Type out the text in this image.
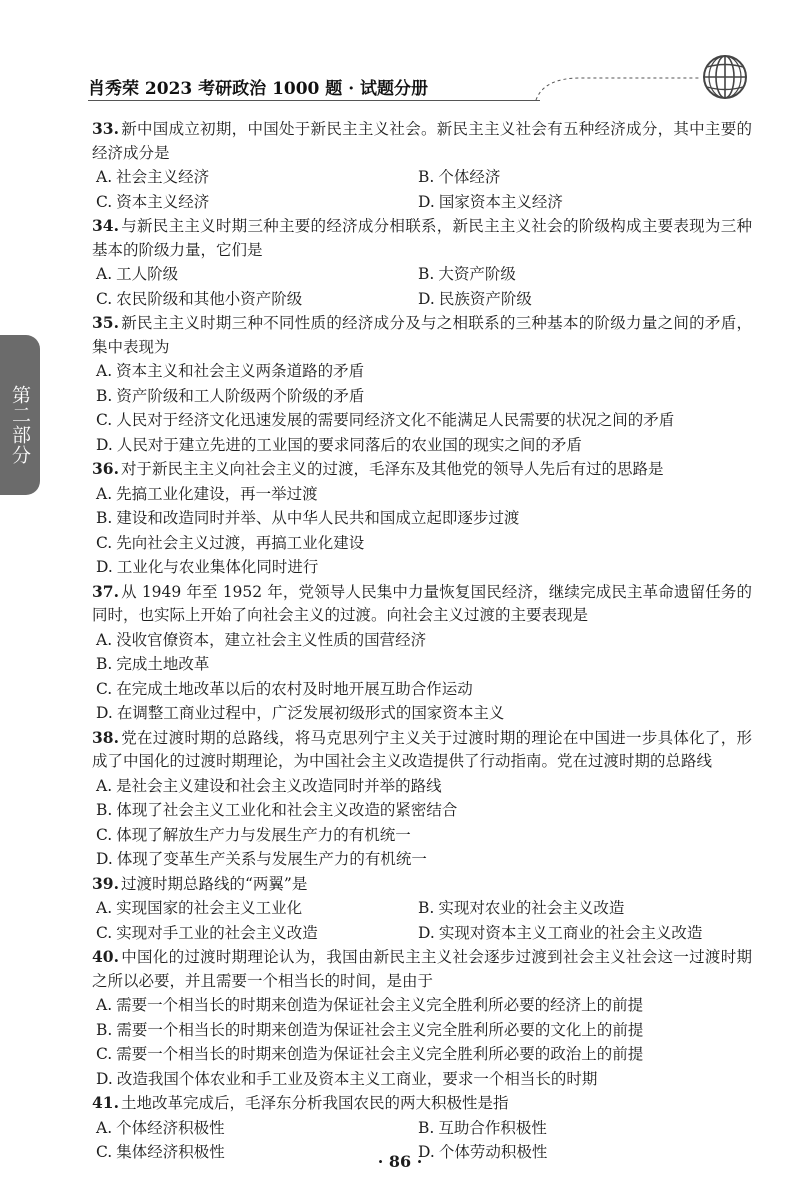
肖秀荣 2023 考研政治 1000 题 · 试题分册
第二部分
33. 新中国成立初期，中国处于新民主主义社会。新民主主义社会有五种经济成分，其中主要的经济成分是
A. 社会主义经济	B. 个体经济
C. 资本主义经济	D. 国家资本主义经济
34. 与新民主主义时期三种主要的经济成分相联系，新民主主义社会的阶级构成主要表现为三种基本的阶级力量，它们是
A. 工人阶级	B. 大资产阶级
C. 农民阶级和其他小资产阶级	D. 民族资产阶级
35. 新民主主义时期三种不同性质的经济成分及与之相联系的三种基本的阶级力量之间的矛盾，集中表现为
A. 资本主义和社会主义两条道路的矛盾
B. 资产阶级和工人阶级两个阶级的矛盾
C. 人民对于经济文化迅速发展的需要同经济文化不能满足人民需要的状况之间的矛盾
D. 人民对于建立先进的工业国的要求同落后的农业国的现实之间的矛盾
36. 对于新民主主义向社会主义的过渡，毛泽东及其他党的领导人先后有过的思路是
A. 先搞工业化建设，再一举过渡
B. 建设和改造同时并举、从中华人民共和国成立起即逐步过渡
C. 先向社会主义过渡，再搞工业化建设
D. 工业化与农业集体化同时进行
37. 从 1949 年至 1952 年，党领导人民集中力量恢复国民经济，继续完成民主革命遗留任务的同时，也实际上开始了向社会主义的过渡。向社会主义过渡的主要表现是
A. 没收官僚资本，建立社会主义性质的国营经济
B. 完成土地改革
C. 在完成土地改革以后的农村及时地开展互助合作运动
D. 在调整工商业过程中，广泛发展初级形式的国家资本主义
38. 党在过渡时期的总路线，将马克思列宁主义关于过渡时期的理论在中国进一步具体化了，形成了中国化的过渡时期理论，为中国社会主义改造提供了行动指南。党在过渡时期的总路线
A. 是社会主义建设和社会主义改造同时并举的路线
B. 体现了社会主义工业化和社会主义改造的紧密结合
C. 体现了解放生产力与发展生产力的有机统一
D. 体现了变革生产关系与发展生产力的有机统一
39. 过渡时期总路线的“两翼”是
A. 实现国家的社会主义工业化	B. 实现对农业的社会主义改造
C. 实现对手工业的社会主义改造	D. 实现对资本主义工商业的社会主义改造
40. 中国化的过渡时期理论认为，我国由新民主主义社会逐步过渡到社会主义社会这一过渡时期之所以必要，并且需要一个相当长的时间，是由于
A. 需要一个相当长的时期来创造为保证社会主义完全胜利所必要的经济上的前提
B. 需要一个相当长的时期来创造为保证社会主义完全胜利所必要的文化上的前提
C. 需要一个相当长的时期来创造为保证社会主义完全胜利所必要的政治上的前提
D. 改造我国个体农业和手工业及资本主义工商业，要求一个相当长的时期
41. 土地改革完成后，毛泽东分析我国农民的两大积极性是指
A. 个体经济积极性	B. 互助合作积极性
C. 集体经济积极性	D. 个体劳动积极性
· 86 ·
